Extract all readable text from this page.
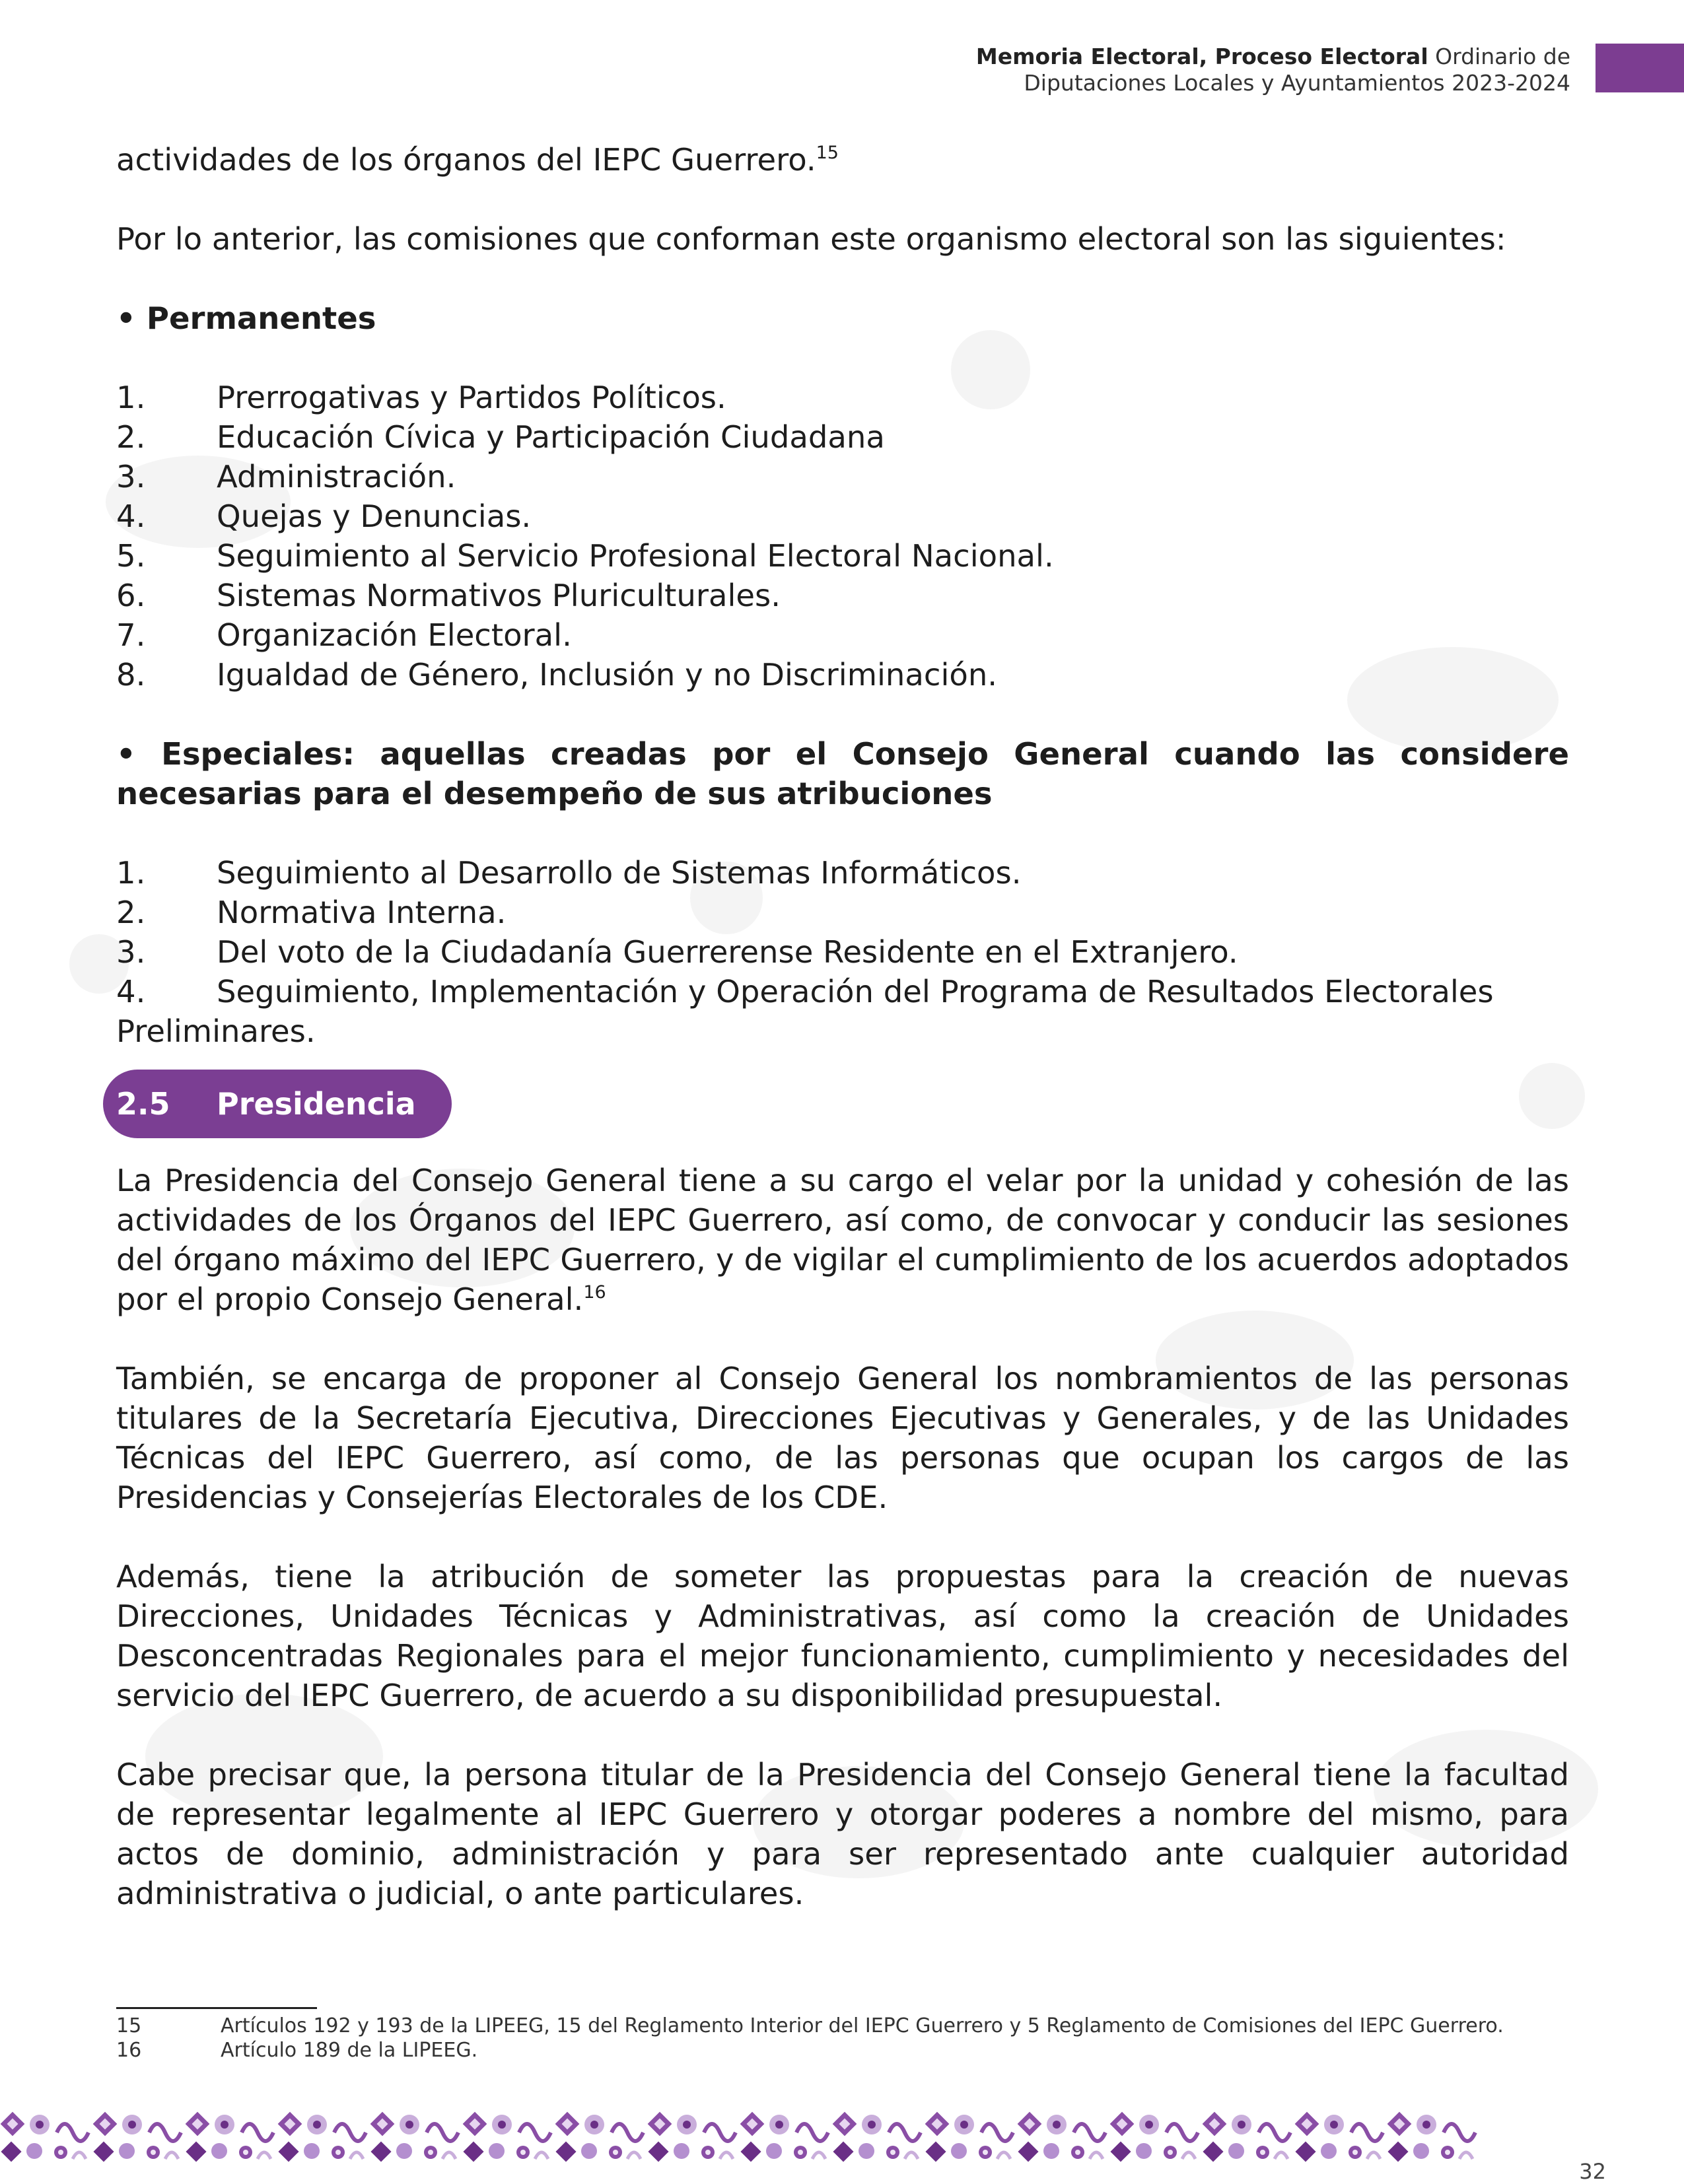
Memoria Electoral, Proceso Electoral Ordinario de
Diputaciones Locales y Ayuntamientos 2023-2024

actividades de los órganos del IEPC Guerrero.$^{15}$

Por lo anterior, las comisiones que conforman este organismo electoral son las siguientes:

• Permanentes

1.	Prerrogativas y Partidos Políticos.
2.	Educación Cívica y Participación Ciudadana
3.	Administración.
4.	Quejas y Denuncias.
5.	Seguimiento al Servicio Profesional Electoral Nacional.
6.	Sistemas Normativos Pluriculturales.
7.	Organización Electoral.
8.	Igualdad de Género, Inclusión y no Discriminación.

• Especiales: aquellas creadas por el Consejo General cuando las considere necesarias para el desempeño de sus atribuciones

1.	Seguimiento al Desarrollo de Sistemas Informáticos.
2.	Normativa Interna.
3.	Del voto de la Ciudadanía Guerrerense Residente en el Extranjero.
4. Seguimiento, Implementación y Operación del Programa de Resultados Electorales Preliminares.
2.5	Presidencia

La Presidencia del Consejo General tiene a su cargo el velar por la unidad y cohesión de las actividades de los Órganos del IEPC Guerrero, así como, de convocar y conducir las sesiones del órgano máximo del IEPC Guerrero, y de vigilar el cumplimiento de los acuerdos adoptados por el propio Consejo General.$^{16}$

También, se encarga de proponer al Consejo General los nombramientos de las personas titulares de la Secretaría Ejecutiva, Direcciones Ejecutivas y Generales, y de las Unidades Técnicas del IEPC Guerrero, así como, de las personas que ocupan los cargos de las Presidencias y Consejerías Electorales de los CDE.

Además, tiene la atribución de someter las propuestas para la creación de nuevas Direcciones, Unidades Técnicas y Administrativas, así como la creación de Unidades Desconcentradas Regionales para el mejor funcionamiento, cumplimiento y necesidades del servicio del IEPC Guerrero, de acuerdo a su disponibilidad presupuestal.

Cabe precisar que, la persona titular de la Presidencia del Consejo General tiene la facultad de representar legalmente al IEPC Guerrero y otorgar poderes a nombre del mismo, para actos de dominio, administración y para ser representado ante cualquier autoridad administrativa o judicial, o ante particulares.

15	Artículos 192 y 193 de la LIPEEG, 15 del Reglamento Interior del IEPC Guerrero y 5 Reglamento de Comisiones del IEPC Guerrero.
16	Artículo 189 de la LIPEEG.
32
